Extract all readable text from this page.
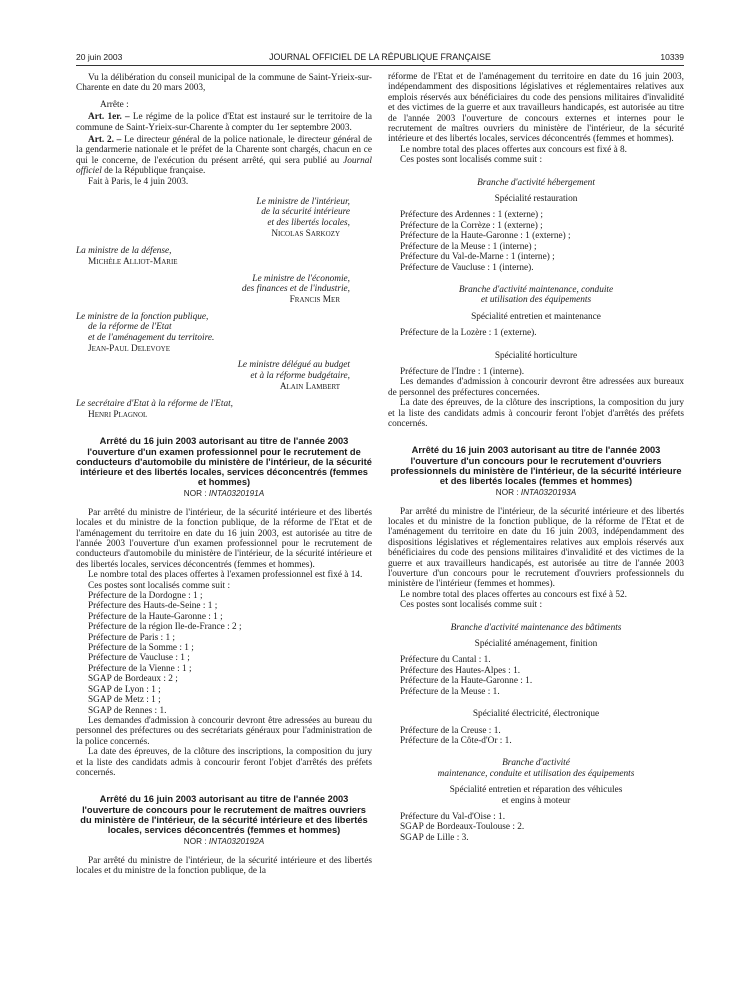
20 juin 2003	JOURNAL OFFICIEL DE LA RÉPUBLIQUE FRANÇAISE	10339

Vu la délibération du conseil municipal de la commune de Saint-Yrieix-sur-Charente en date du 20 mars 2003,

Arrête :

Art. 1er. – Le régime de la police d'Etat est instauré sur le territoire de la commune de Saint-Yrieix-sur-Charente à compter du 1er septembre 2003.

Art. 2. – Le directeur général de la police nationale, le directeur général de la gendarmerie nationale et le préfet de la Charente sont chargés, chacun en ce qui le concerne, de l'exécution du présent arrêté, qui sera publié au Journal officiel de la République française.

Fait à Paris, le 4 juin 2003.

Le ministre de l'intérieur,

de la sécurité intérieure

et des libertés locales,

Nicolas Sarkozy

La ministre de la défense,

Michèle Alliot-Marie

Le ministre de l'économie,

des finances et de l'industrie,

Francis Mer

Le ministre de la fonction publique,

de la réforme de l'Etat

et de l'aménagement du territoire.

Jean-Paul Delevoye

Le ministre délégué au budget

et à la réforme budgétaire,

Alain Lambert

Le secrétaire d'Etat à la réforme de l'Etat,

Henri Plagnol

Arrêté du 16 juin 2003 autorisant au titre de l'année 2003 l'ouverture d'un examen professionnel pour le recrutement de conducteurs d'automobile du ministère de l'intérieur, de la sécurité intérieure et des libertés locales, services déconcentrés (femmes et hommes)
NOR : INTA0320191A

Par arrêté du ministre de l'intérieur, de la sécurité intérieure et des libertés locales et du ministre de la fonction publique, de la réforme de l'Etat et de l'aménagement du territoire en date du 16 juin 2003, est autorisée au titre de l'année 2003 l'ouverture d'un examen professionnel pour le recrutement de conducteurs d'automobile du ministère de l'intérieur, de la sécurité intérieure et des libertés locales, services déconcentrés (femmes et hommes).

Le nombre total des places offertes à l'examen professionnel est fixé à 14.

Ces postes sont localisés comme suit :

Préfecture de la Dordogne : 1 ;
Préfecture des Hauts-de-Seine : 1 ;
Préfecture de la Haute-Garonne : 1 ;
Préfecture de la région Ile-de-France : 2 ;
Préfecture de Paris : 1 ;
Préfecture de la Somme : 1 ;
Préfecture de Vaucluse : 1 ;
Préfecture de la Vienne : 1 ;
SGAP de Bordeaux : 2 ;
SGAP de Lyon : 1 ;
SGAP de Metz : 1 ;
SGAP de Rennes : 1.

Les demandes d'admission à concourir devront être adressées au bureau du personnel des préfectures ou des secrétariats généraux pour l'administration de la police concernés.

La date des épreuves, de la clôture des inscriptions, la composition du jury et la liste des candidats admis à concourir feront l'objet d'arrêtés des préfets concernés.

Arrêté du 16 juin 2003 autorisant au titre de l'année 2003 l'ouverture de concours pour le recrutement de maîtres ouvriers du ministère de l'intérieur, de la sécurité intérieure et des libertés locales, services déconcentrés (femmes et hommes)
NOR : INTA0320192A

Par arrêté du ministre de l'intérieur, de la sécurité intérieure et des libertés locales et du ministre de la fonction publique, de la

réforme de l'Etat et de l'aménagement du territoire en date du 16 juin 2003, indépendamment des dispositions législatives et réglementaires relatives aux emplois réservés aux bénéficiaires du code des pensions militaires d'invalidité et des victimes de la guerre et aux travailleurs handicapés, est autorisée au titre de l'année 2003 l'ouverture de concours externes et internes pour le recrutement de maîtres ouvriers du ministère de l'intérieur, de la sécurité intérieure et des libertés locales, services déconcentrés (femmes et hommes).

Le nombre total des places offertes aux concours est fixé à 8.

Ces postes sont localisés comme suit :

Branche d'activité hébergement

Spécialité restauration

Préfecture des Ardennes : 1 (externe) ;
Préfecture de la Corrèze : 1 (externe) ;
Préfecture de la Haute-Garonne : 1 (externe) ;
Préfecture de la Meuse : 1 (interne) ;
Préfecture du Val-de-Marne : 1 (interne) ;
Préfecture de Vaucluse : 1 (interne).

Branche d'activité maintenance, conduite

et utilisation des équipements

Spécialité entretien et maintenance

Préfecture de la Lozère : 1 (externe).

Spécialité horticulture

Préfecture de l'Indre : 1 (interne).

Les demandes d'admission à concourir devront être adressées aux bureaux de personnel des préfectures concernées.

La date des épreuves, de la clôture des inscriptions, la composition du jury et la liste des candidats admis à concourir feront l'objet d'arrêtés des préfets concernés.

Arrêté du 16 juin 2003 autorisant au titre de l'année 2003 l'ouverture d'un concours pour le recrutement d'ouvriers professionnels du ministère de l'intérieur, de la sécurité intérieure et des libertés locales (femmes et hommes)
NOR : INTA0320193A

Par arrêté du ministre de l'intérieur, de la sécurité intérieure et des libertés locales et du ministre de la fonction publique, de la réforme de l'Etat et de l'aménagement du territoire en date du 16 juin 2003, indépendamment des dispositions législatives et réglementaires relatives aux emplois réservés aux bénéficiaires du code des pensions militaires d'invalidité et des victimes de la guerre et aux travailleurs handicapés, est autorisée au titre de l'année 2003 l'ouverture d'un concours pour le recrutement d'ouvriers professionnels du ministère de l'intérieur (femmes et hommes).

Le nombre total des places offertes au concours est fixé à 52.

Ces postes sont localisés comme suit :

Branche d'activité maintenance des bâtiments

Spécialité aménagement, finition

Préfecture du Cantal : 1.
Préfecture des Hautes-Alpes : 1.
Préfecture de la Haute-Garonne : 1.
Préfecture de la Meuse : 1.

Spécialité électricité, électronique

Préfecture de la Creuse : 1.
Préfecture de la Côte-d'Or : 1.

Branche d'activité

maintenance, conduite et utilisation des équipements

Spécialité entretien et réparation des véhicules

et engins à moteur

Préfecture du Val-d'Oise : 1.
SGAP de Bordeaux-Toulouse : 2.
SGAP de Lille : 3.
